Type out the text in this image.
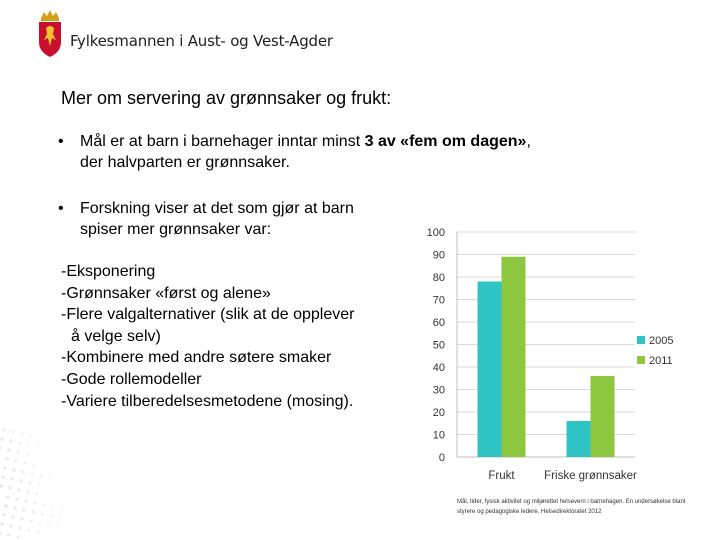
Fylkesmannen i Aust- og Vest-Agder
Mer om servering av grønnsaker og frukt:
• Mål er at barn i barnehager inntar minst 3 av «fem om dagen», der halvparten er grønnsaker.
• Forskning viser at det som gjør at barn spiser mer grønnsaker var:
-Eksponering
-Grønnsaker «først og alene»
-Flere valgalternativer (slik at de opplever
å velge selv)
-Kombinere med andre søtere smaker
-Gode rollemodeller
-Variere tilberedelsesmetodene (mosing).
0
10
20
30
40
50
60
70
80
90
100
Frukt	Friske grønnsaker
2005
2011
Mål, tider, fysisk aktivitet og miljørettet helsevern i barnehagen. En undersøkelse blant styrere og pedagogiske ledere. Helsedirektoratet 2012
